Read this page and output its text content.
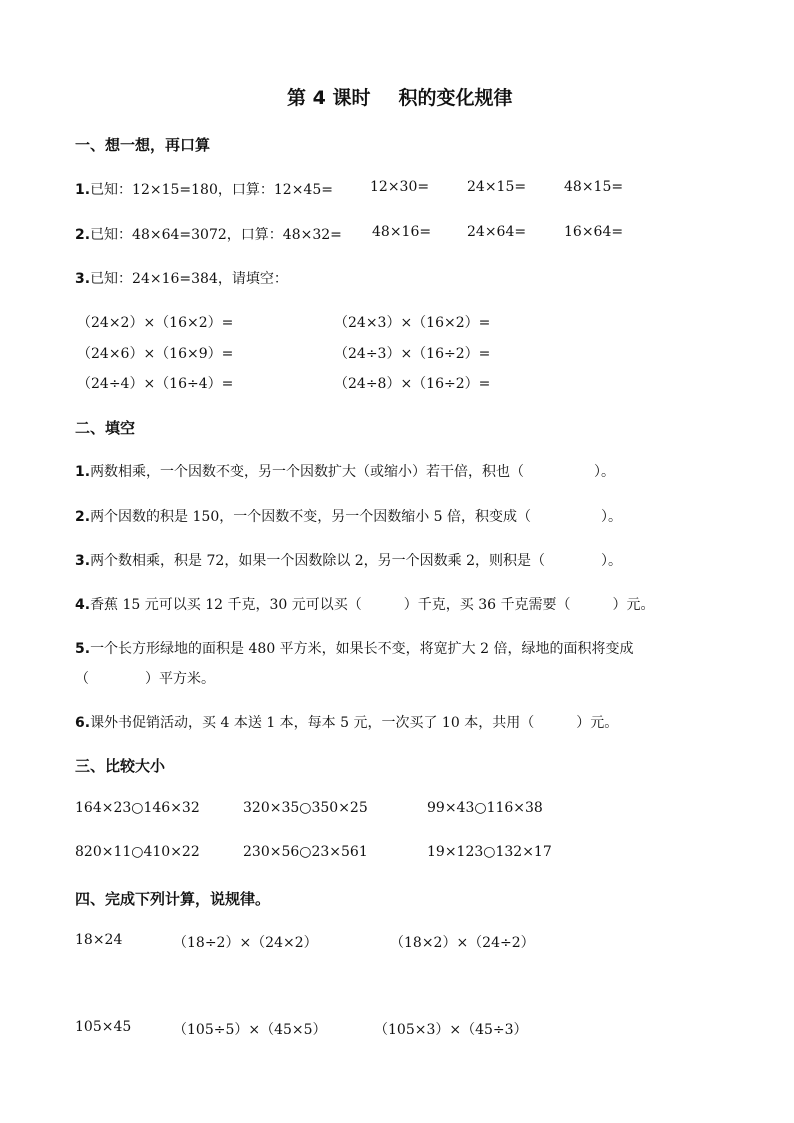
第 4 课时 积的变化规律
一、想一想，再口算
1.已知：12×15=180，口算：12×45=	12×30=	24×15=	48×15=
2.已知：48×64=3072，口算：48×32= 48×16=	24×64=	16×64=
3.已知：24×16=384，请填空：
（24×2）×（16×2）=	（24×3）×（16×2）=
（24×6）×（16×9）=	（24÷3）×（16÷2）=
（24÷4）×（16÷4）=	（24÷8）×（16÷2）=
二、填空
1.两数相乘，一个因数不变，另一个因数扩大（或缩小）若干倍，积也（　　　　　）。
2.两个因数的积是 150，一个因数不变，另一个因数缩小 5 倍，积变成（　　　　　）。
3.两个数相乘，积是 72，如果一个因数除以 2，另一个因数乘 2，则积是（　　　　）。
4.香蕉 15 元可以买 12 千克，30 元可以买（　　　）千克，买 36 千克需要（　　　）元。
5.一个长方形绿地的面积是 480 平方米，如果长不变，将宽扩大 2 倍，绿地的面积将变成
（　　　　）平方米。
6.课外书促销活动，买 4 本送 1 本，每本 5 元，一次买了 10 本，共用（　　　）元。
三、比较大小
164×23○146×32	320×35○350×25	99×43○116×38
820×11○410×22	230×56○23×561	19×123○132×17
四、完成下列计算，说规律。
18×24	（18÷2）×（24×2）	（18×2）×（24÷2）
105×45	（105÷5）×（45×5）	（105×3）×（45÷3）
